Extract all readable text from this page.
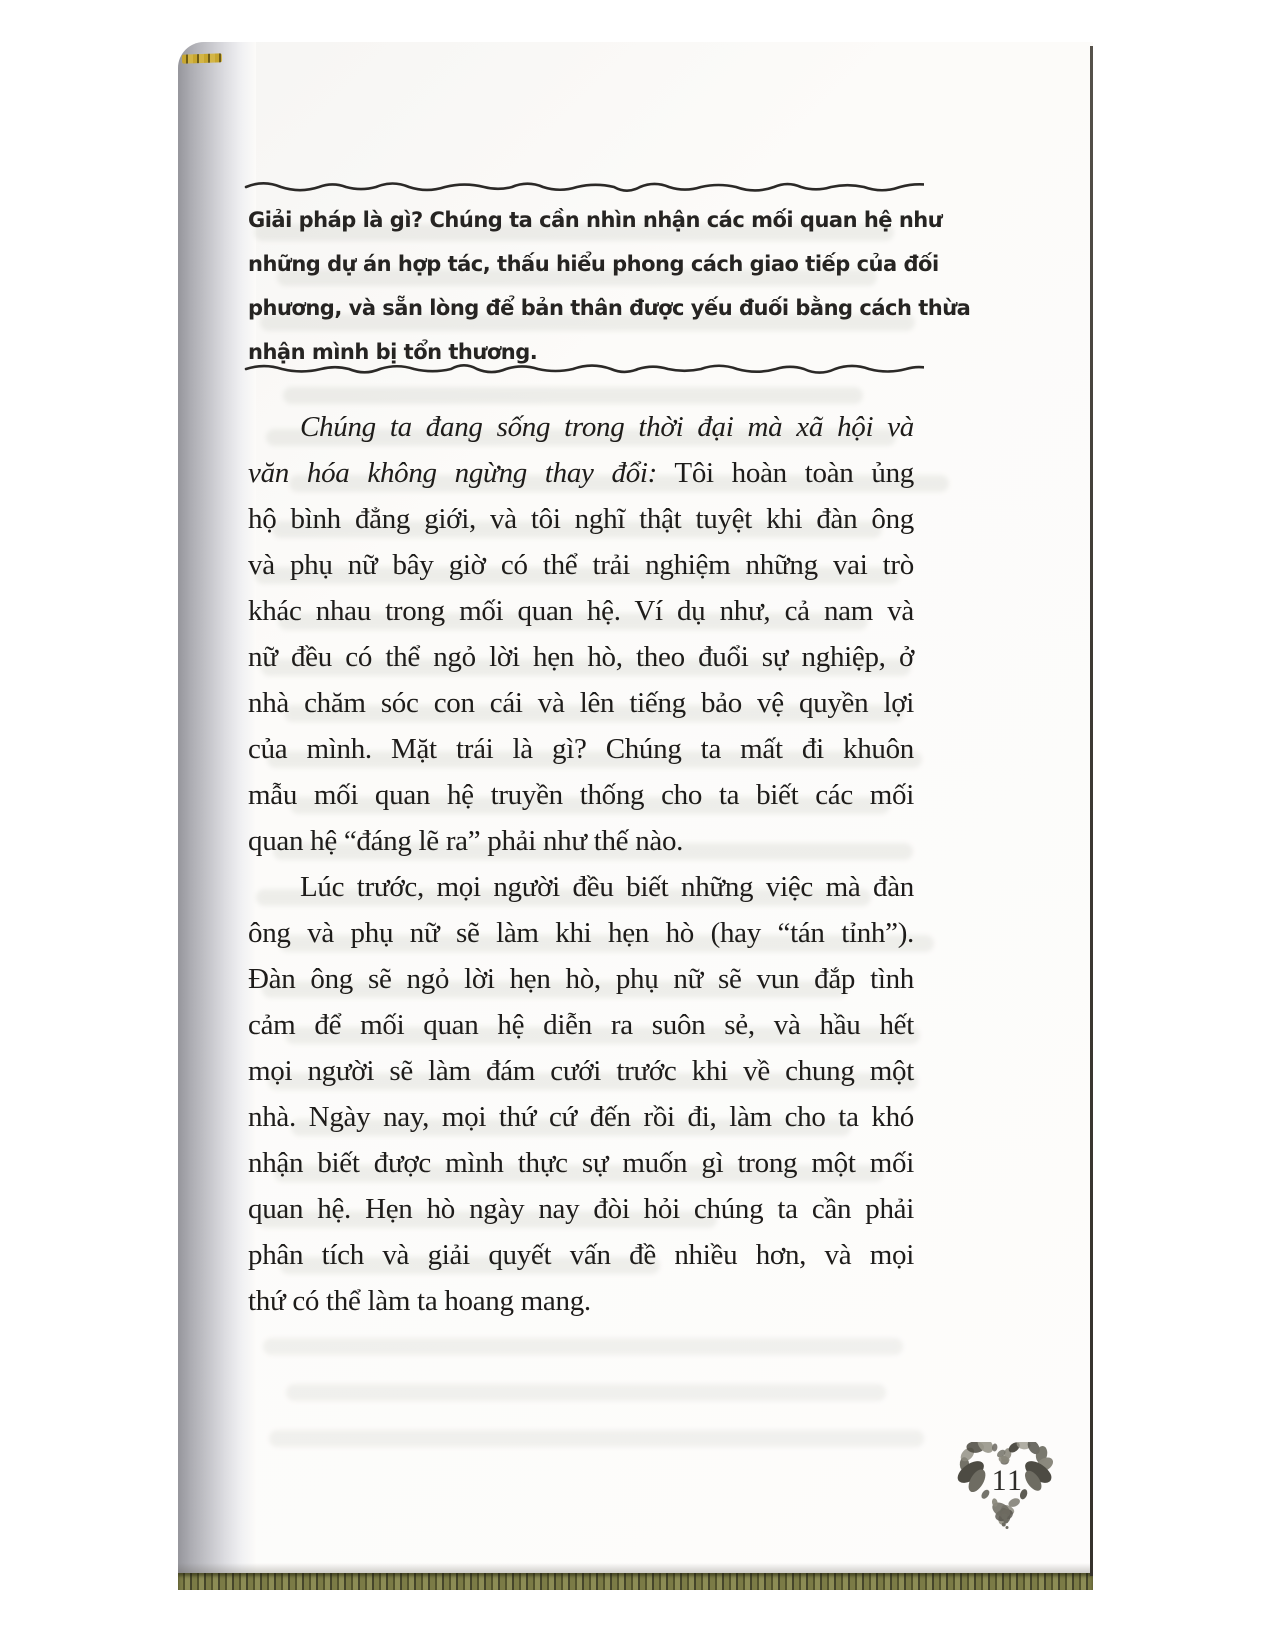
Giải pháp là gì? Chúng ta cần nhìn nhận các mối quan hệ như
những dự án hợp tác, thấu hiểu phong cách giao tiếp của đối
phương, và sẵn lòng để bản thân được yếu đuối bằng cách thừa
nhận mình bị tổn thương.
Chúng ta đang sống trong thời đại mà xã hội và
văn hóa không ngừng thay đổi: Tôi hoàn toàn ủng
hộ bình đẳng giới, và tôi nghĩ thật tuyệt khi đàn ông
và phụ nữ bây giờ có thể trải nghiệm những vai trò
khác nhau trong mối quan hệ. Ví dụ như, cả nam và
nữ đều có thể ngỏ lời hẹn hò, theo đuổi sự nghiệp, ở
nhà chăm sóc con cái và lên tiếng bảo vệ quyền lợi
của mình. Mặt trái là gì? Chúng ta mất đi khuôn
mẫu mối quan hệ truyền thống cho ta biết các mối
quan hệ “đáng lẽ ra” phải như thế nào.
Lúc trước, mọi người đều biết những việc mà đàn
ông và phụ nữ sẽ làm khi hẹn hò (hay “tán tỉnh”).
Đàn ông sẽ ngỏ lời hẹn hò, phụ nữ sẽ vun đắp tình
cảm để mối quan hệ diễn ra suôn sẻ, và hầu hết
mọi người sẽ làm đám cưới trước khi về chung một
nhà. Ngày nay, mọi thứ cứ đến rồi đi, làm cho ta khó
nhận biết được mình thực sự muốn gì trong một mối
quan hệ. Hẹn hò ngày nay đòi hỏi chúng ta cần phải
phân tích và giải quyết vấn đề nhiều hơn, và mọi
thứ có thể làm ta hoang mang.
11
